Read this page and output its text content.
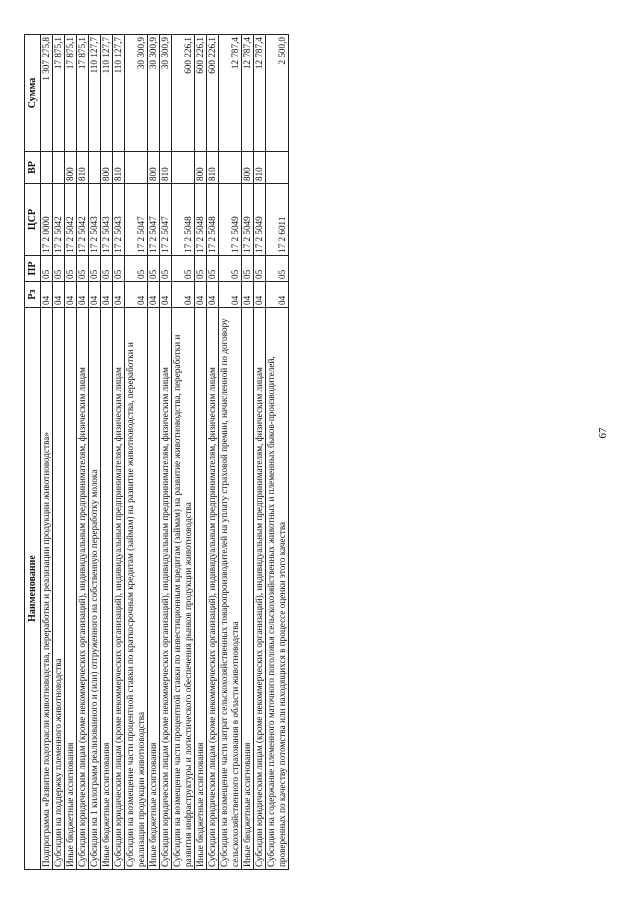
67
Наименование	Рз	ПР	ЦСР	ВР	Сумма
Подпрограмма «Развитие подотрасли животноводства, переработки и реализации продукции животноводства»	04	05	17 2 0000		1 307 275,8
Субсидии на поддержку племенного животноводства	04	05	17 2 5042		17 875,1
Иные бюджетные ассигнования	04	05	17 2 5042	800	17 875,1
Субсидии юридическим лицам (кроме некоммерческих организаций), индивидуальным предпринимателям, физическим лицам	04	05	17 2 5042	810	17 875,1
Субсидии на 1 килограмм реализованного и (или) отгруженного на собственную переработку молока	04	05	17 2 5043		110 127,7
Иные бюджетные ассигнования	04	05	17 2 5043	800	110 127,7
Субсидии юридическим лицам (кроме некоммерческих организаций), индивидуальным предпринимателям, физическим лицам	04	05	17 2 5043	810	110 127,7
Субсидии на возмещение части процентной ставки по краткосрочным кредитам (займам) на развитие животноводства, переработки и реализации продукции животноводства	04	05	17 2 5047		30 300,9
Иные бюджетные ассигнования	04	05	17 2 5047	800	30 300,9
Субсидии юридическим лицам (кроме некоммерческих организаций), индивидуальным предпринимателям, физическим лицам	04	05	17 2 5047	810	30 300,9
Субсидии на возмещение части процентной ставки по инвестиционным кредитам (займам) на развитие животноводства, переработки и развития инфраструктуры и логистического обеспечения рынков продукции животноводства	04	05	17 2 5048		600 226,1
Иные бюджетные ассигнования	04	05	17 2 5048	800	600 226,1
Субсидии юридическим лицам (кроме некоммерческих организаций), индивидуальным предпринимателям, физическим лицам	04	05	17 2 5048	810	600 226,1
Субсидии на возмещение части затрат сельскохозяйственных товаропроизводителей на уплату страховой премии, начисленной по договору сельскохозяйственного страхования в области животноводства	04	05	17 2 5049		12 787,4
Иные бюджетные ассигнования	04	05	17 2 5049	800	12 787,4
Субсидии юридическим лицам (кроме некоммерческих организаций), индивидуальным предпринимателям, физическим лицам	04	05	17 2 5049	810	12 787,4
Субсидии на содержание племенного маточного поголовья сельскохозяйственных животных и племенных быков-производителей, проверенных по качеству потомства или находящихся в процессе оценки этого качества	04	05	17 2 6011		2 500,0
